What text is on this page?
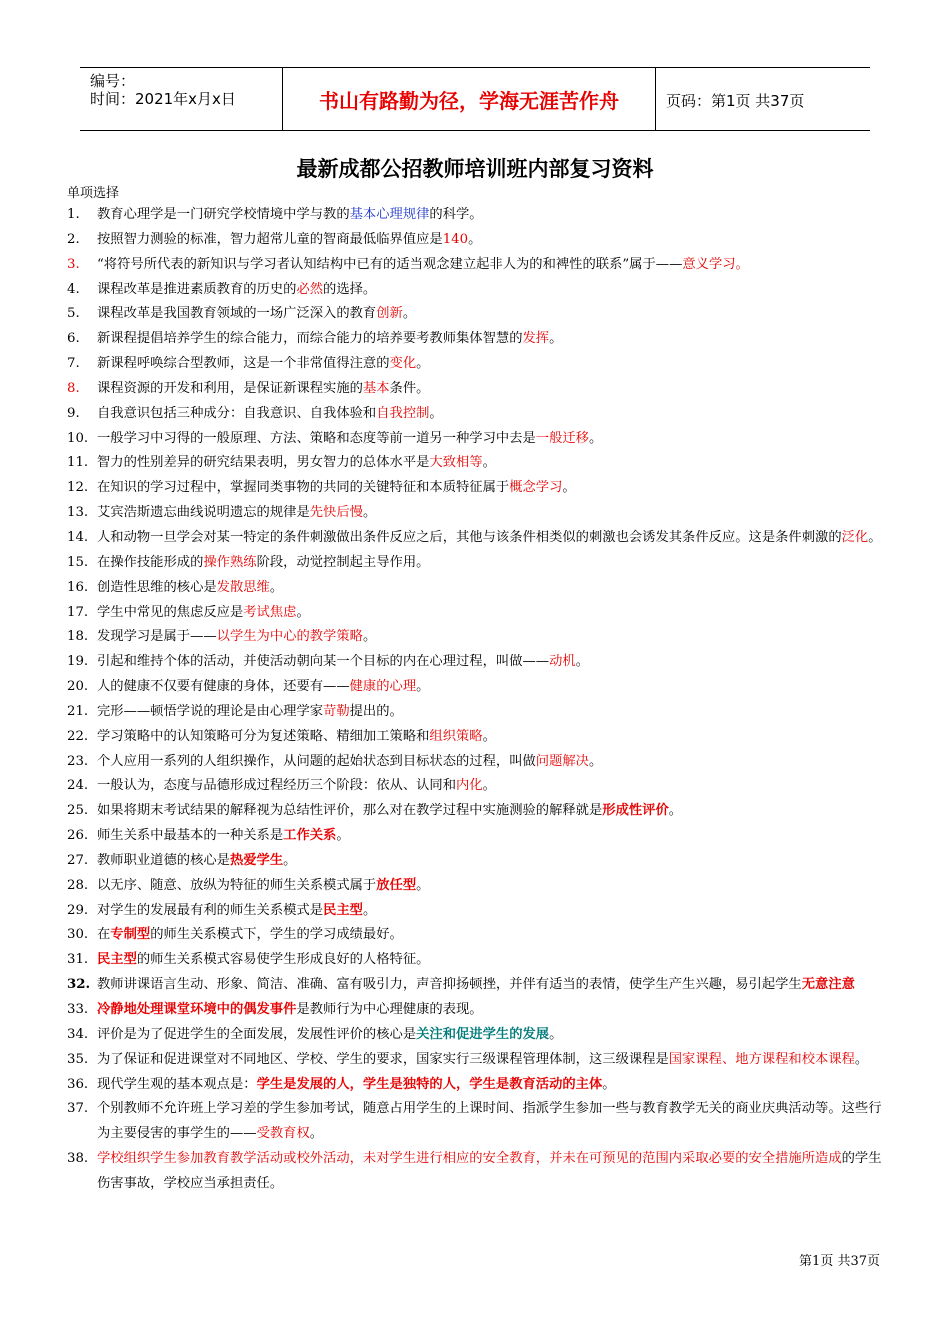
编号：
时间：2021年x月x日	书山有路勤为径，学海无涯苦作舟	页码：第1页 共37页
最新成都公招教师培训班内部复习资料
单项选择
1.	教育心理学是一门研究学校情境中学与教的基本心理规律的科学。
2.	按照智力测验的标准，智力超常儿童的智商最低临界值应是140。
3.	“将符号所代表的新知识与学习者认知结构中已有的适当观念建立起非人为的和裨性的联系”属于——意义学习。
4.	课程改革是推进素质教育的历史的必然的选择。
5.	课程改革是我国教育领域的一场广泛深入的教育创新。
6.	新课程提倡培养学生的综合能力，而综合能力的培养要考教师集体智慧的发挥。
7.	新课程呼唤综合型教师，这是一个非常值得注意的变化。
8.	课程资源的开发和利用，是保证新课程实施的基本条件。
9.	自我意识包括三种成分：自我意识、自我体验和自我控制。
10. 一般学习中习得的一般原理、方法、策略和态度等前一道另一种学习中去是一般迁移。
11. 智力的性别差异的研究结果表明，男女智力的总体水平是大致相等。
12. 在知识的学习过程中，掌握同类事物的共同的关键特征和本质特征属于概念学习。
13. 艾宾浩斯遗忘曲线说明遗忘的规律是先快后慢。
14. 人和动物一旦学会对某一特定的条件刺激做出条件反应之后，其他与该条件相类似的刺激也会诱发其条件反应。这是条件刺激的泛化。
15. 在操作技能形成的操作熟练阶段，动觉控制起主导作用。
16. 创造性思维的核心是发散思维。
17. 学生中常见的焦虑反应是考试焦虑。
18. 发现学习是属于——以学生为中心的教学策略。
19. 引起和维持个体的活动，并使活动朝向某一个目标的内在心理过程，叫做——动机。
20. 人的健康不仅要有健康的身体，还要有——健康的心理。
21. 完形——顿悟学说的理论是由心理学家苛勒提出的。
22. 学习策略中的认知策略可分为复述策略、精细加工策略和组织策略。
23. 个人应用一系列的人组织操作，从问题的起始状态到目标状态的过程，叫做问题解决。
24. 一般认为，态度与品德形成过程经历三个阶段：依从、认同和内化。
25. 如果将期末考试结果的解释视为总结性评价，那么对在教学过程中实施测验的解释就是形成性评价。
26. 师生关系中最基本的一种关系是工作关系。
27. 教师职业道德的核心是热爱学生。
28. 以无序、随意、放纵为特征的师生关系模式属于放任型。
29. 对学生的发展最有利的师生关系模式是民主型。
30. 在专制型的师生关系模式下，学生的学习成绩最好。
31. 民主型的师生关系模式容易使学生形成良好的人格特征。
32. 教师讲课语言生动、形象、简洁、准确、富有吸引力，声音抑扬顿挫，并伴有适当的表情，使学生产生兴趣，易引起学生无意注意
33. 冷静地处理课堂环境中的偶发事件是教师行为中心理健康的表现。
34. 评价是为了促进学生的全面发展，发展性评价的核心是关注和促进学生的发展。
35. 为了保证和促进课堂对不同地区、学校、学生的要求，国家实行三级课程管理体制，这三级课程是国家课程、地方课程和校本课程。
36. 现代学生观的基本观点是：学生是发展的人，学生是独特的人，学生是教育活动的主体。
37. 个别教师不允许班上学习差的学生参加考试，随意占用学生的上课时间、指派学生参加一些与教育教学无关的商业庆典活动等。这些行为主要侵害的事学生的——受教育权。
38. 学校组织学生参加教育教学活动或校外活动，未对学生进行相应的安全教育，并未在可预见的范围内采取必要的安全措施所造成的学生伤害事故，学校应当承担责任。
第1页 共37页
